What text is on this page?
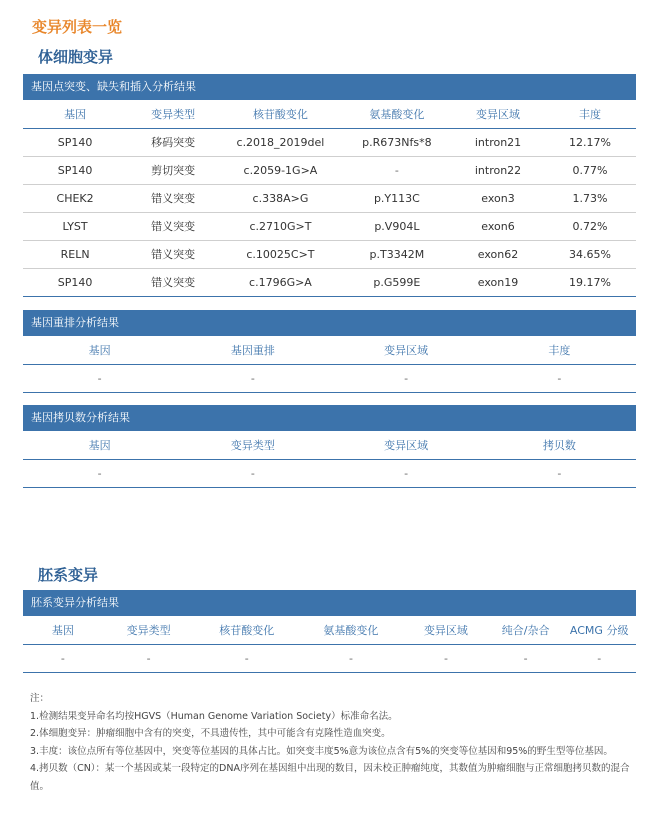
变异列表一览
体细胞变异
基因点突变、缺失和插入分析结果
基因	变异类型	核苷酸变化	氨基酸变化	变异区域	丰度
SP140	移码突变	c.2018_2019del	p.R673Nfs*8	intron21	12.17%
SP140	剪切突变	c.2059-1G>A	-	intron22	0.77%
CHEK2	错义突变	c.338A>G	p.Y113C	exon3	1.73%
LYST	错义突变	c.2710G>T	p.V904L	exon6	0.72%
RELN	错义突变	c.10025C>T	p.T3342M	exon62	34.65%
SP140	错义突变	c.1796G>A	p.G599E	exon19	19.17%
基因重排分析结果
基因	基因重排	变异区域	丰度
-	-	-	-
基因拷贝数分析结果
基因	变异类型	变异区域	拷贝数
-	-	-	-
胚系变异
胚系变异分析结果
基因	变异类型	核苷酸变化	氨基酸变化	变异区域	纯合/杂合	ACMG 分级
-	-	-	-	-	-	-

注：

1.检测结果变异命名均按HGVS（Human Genome Variation Society）标准命名法。

2.体细胞变异：肿瘤细胞中含有的突变，不具遗传性，其中可能含有克隆性造血突变。

3.丰度：该位点所有等位基因中，突变等位基因的具体占比。如突变丰度5%意为该位点含有5%的突变等位基因和95%的野生型等位基因。

4.拷贝数（CN）：某一个基因或某一段特定的DNA序列在基因组中出现的数目，因未校正肿瘤纯度，其数值为肿瘤细胞与正常细胞拷贝数的混合值。
